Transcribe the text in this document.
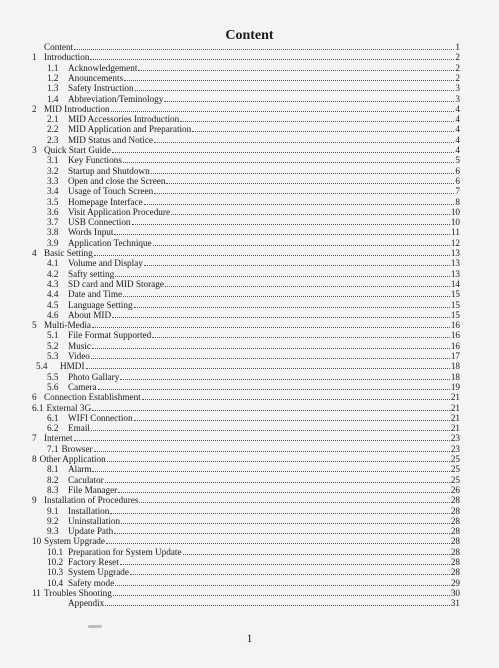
Content
Content	1
1 Introduction	2
1.1	Acknowledgement	2
1.2	Anouncements	2
1.3	Safety Instruction	3
1.4	Abbreviation/Teminology	3
2 MID Introduction	4
2.1	MID Accessories Introduction	4
2.2	MID Application and Preparation	4
2.3	MID Status and Notice	4
3 Quick Start Guide	4
3.1	Key Functions	5
3.2	Startup and Shutdown	6
3.3	Open and close the Screen	6
3.4	Usage of Touch Screen	7
3.5	Homepage Interface	8
3.6	Visit Application Procedure	10
3.7	USB Connection	10
3.8	Words Input	11
3.9	Application Technique	12
4 Basic Setting	13
4.1	Volume and Display	13
4.2	Safty setting	13
4.3	SD card and MID Storage	14
4.4	Date and Time	15
4.5	Language Setting	15
4.6	About MID	15
5 Multi-Media	16
5.1	File Format Supported	16
5.2	Music	16
5.3	Video	17
5.4	HMDI	18
5.5	Photo Gallary	18
5.6	Camera	19
6 Connection Establishment	21
6.1 External 3G	21
6.1	WIFI Connection	21
6.2	Email	21
7 Internet	23
7.1 Browser	23
8 Other Application	25
8.1	Alarm	25
8.2	Caculator	25
8.3	File Manager	26
9 Installation of Procedures	28
9.1	Installation	28
9.2	Uninstallation	28
9.3	Update Path	28
10 System Upgrade	28
10.1 Preparation for System Update	28
10.2 Factory Reset	28
10.3 System Upgrade	28
10.4 Safety mode	29
11 Troubles Shooting	30
Appendix	31
1
